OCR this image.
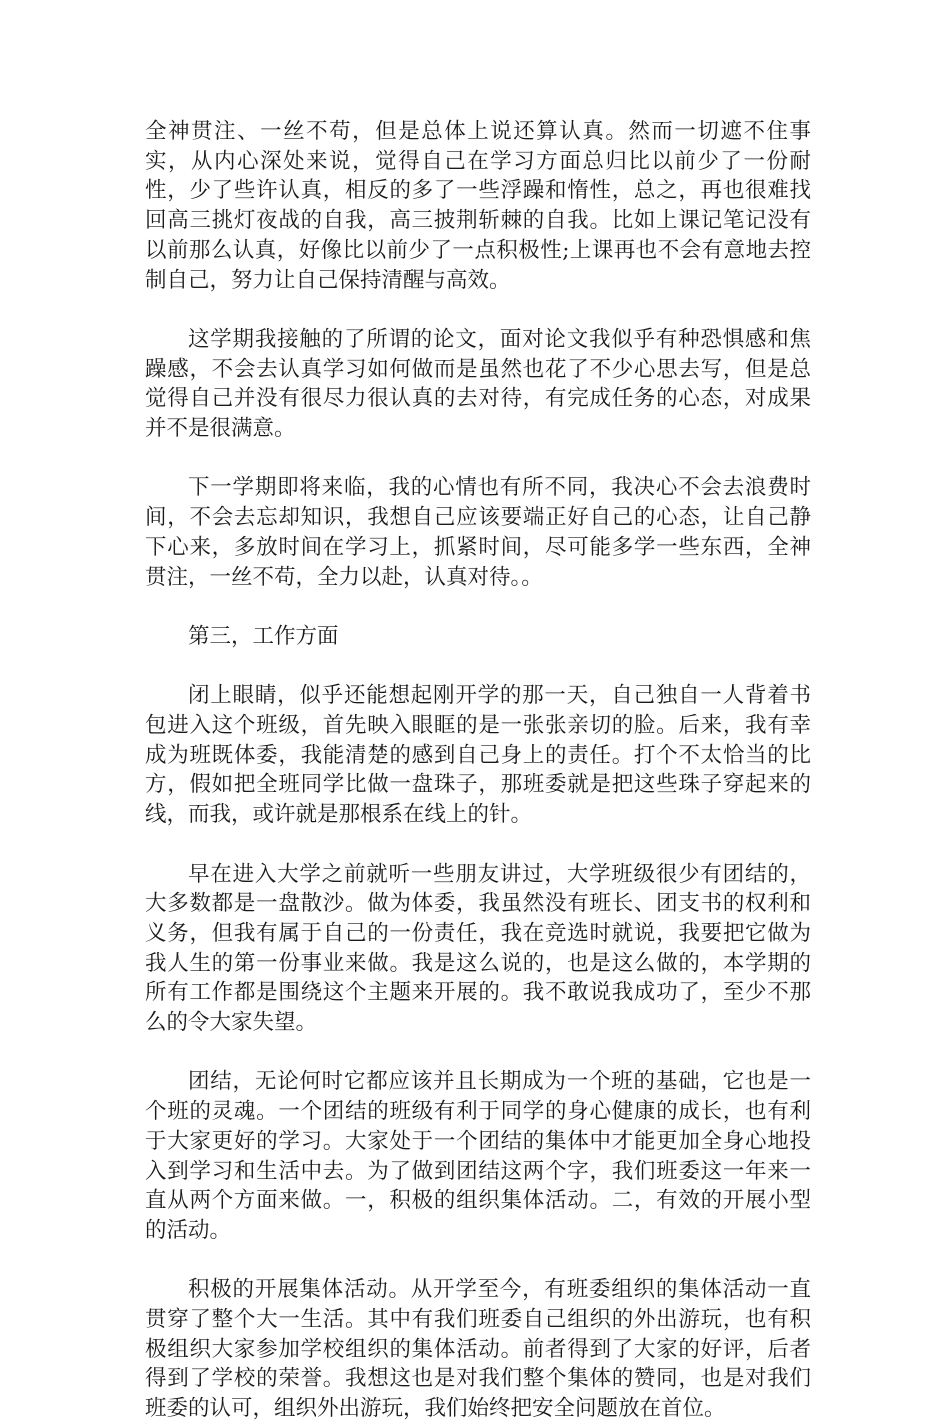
全神贯注、一丝不苟，但是总体上说还算认真。然而一切遮不住事实，从内心深处来说，觉得自己在学习方面总归比以前少了一份耐性，少了些许认真，相反的多了一些浮躁和惰性，总之，再也很难找回高三挑灯夜战的自我，高三披荆斩棘的自我。比如上课记笔记没有以前那么认真，好像比以前少了一点积极性;上课再也不会有意地去控制自己，努力让自己保持清醒与高效。

这学期我接触的了所谓的论文，面对论文我似乎有种恐惧感和焦躁感，不会去认真学习如何做而是虽然也花了不少心思去写，但是总觉得自己并没有很尽力很认真的去对待，有完成任务的心态，对成果并不是很满意。

下一学期即将来临，我的心情也有所不同，我决心不会去浪费时间，不会去忘却知识，我想自己应该要端正好自己的心态，让自己静下心来，多放时间在学习上，抓紧时间，尽可能多学一些东西，全神贯注，一丝不苟，全力以赴，认真对待。。

第三，工作方面

闭上眼睛，似乎还能想起刚开学的那一天，自己独自一人背着书包进入这个班级，首先映入眼眶的是一张张亲切的脸。后来，我有幸成为班既体委，我能清楚的感到自己身上的责任。打个不太恰当的比方，假如把全班同学比做一盘珠子，那班委就是把这些珠子穿起来的线，而我，或许就是那根系在线上的针。

早在进入大学之前就听一些朋友讲过，大学班级很少有团结的，大多数都是一盘散沙。做为体委，我虽然没有班长、团支书的权利和义务，但我有属于自己的一份责任，我在竞选时就说，我要把它做为我人生的第一份事业来做。我是这么说的，也是这么做的，本学期的所有工作都是围绕这个主题来开展的。我不敢说我成功了，至少不那么的令大家失望。

团结，无论何时它都应该并且长期成为一个班的基础，它也是一个班的灵魂。一个团结的班级有利于同学的身心健康的成长，也有利于大家更好的学习。大家处于一个团结的集体中才能更加全身心地投入到学习和生活中去。为了做到团结这两个字，我们班委这一年来一直从两个方面来做。一，积极的组织集体活动。二，有效的开展小型的活动。

积极的开展集体活动。从开学至今，有班委组织的集体活动一直贯穿了整个大一生活。其中有我们班委自己组织的外出游玩，也有积极组织大家参加学校组织的集体活动。前者得到了大家的好评，后者得到了学校的荣誉。我想这也是对我们整个集体的赞同，也是对我们班委的认可，组织外出游玩，我们始终把安全问题放在首位。
